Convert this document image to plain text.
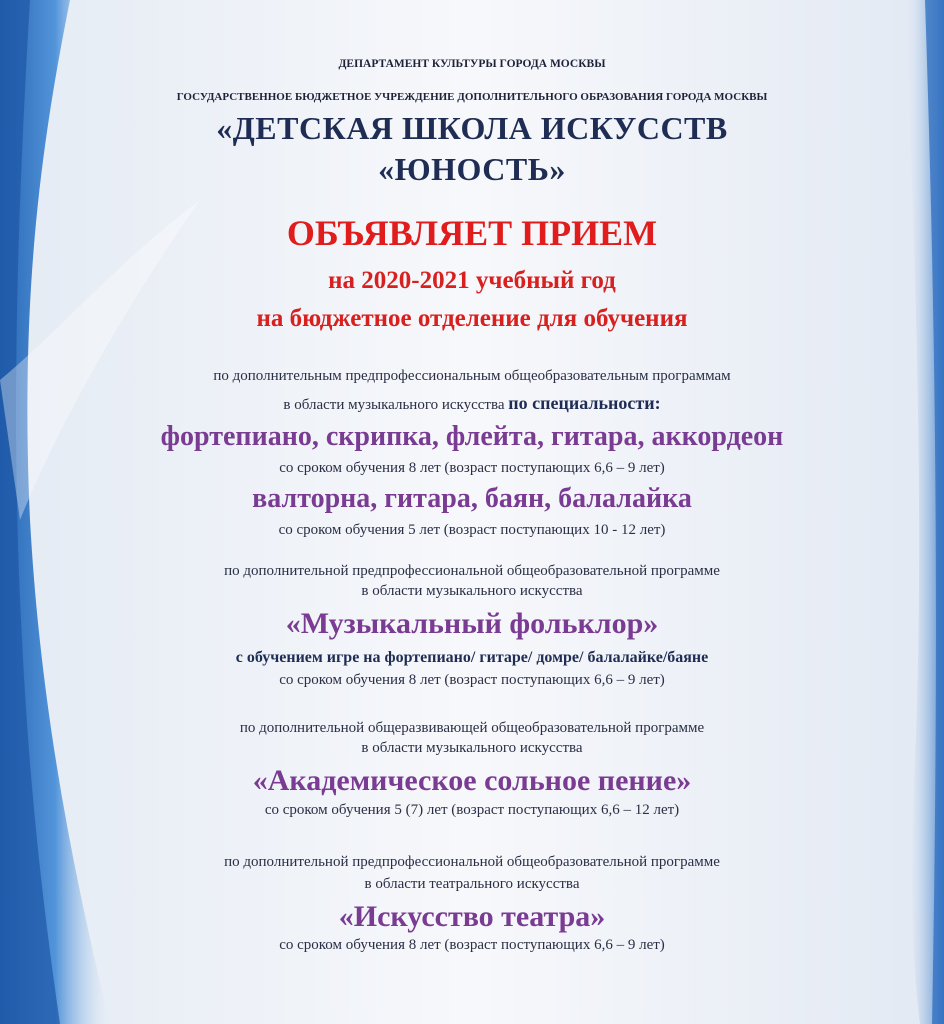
ДЕПАРТАМЕНТ КУЛЬТУРЫ ГОРОДА МОСКВЫ
ГОСУДАРСТВЕННОЕ БЮДЖЕТНОЕ УЧРЕЖДЕНИЕ ДОПОЛНИТЕЛЬНОГО ОБРАЗОВАНИЯ ГОРОДА МОСКВЫ
«ДЕТСКАЯ ШКОЛА ИСКУССТВ
«ЮНОСТЬ»
ОБЪЯВЛЯЕТ ПРИЕМ
на 2020-2021 учебный год
на бюджетное отделение для обучения
по дополнительным предпрофессиональным общеобразовательным программам
в области музыкального искусства по специальности:
фортепиано, скрипка, флейта, гитара, аккордеон
со сроком обучения 8 лет (возраст поступающих 6,6 – 9 лет)
валторна, гитара, баян, балалайка
со сроком обучения 5 лет (возраст поступающих 10 - 12 лет)
по дополнительной предпрофессиональной общеобразовательной программе
в области музыкального искусства
«Музыкальный фольклор»
с обучением игре на фортепиано/ гитаре/ домре/ балалайке/баяне
со сроком обучения 8 лет (возраст поступающих 6,6 – 9 лет)
по дополнительной общеразвивающей общеобразовательной программе
в области музыкального искусства
«Академическое сольное пение»
со сроком обучения 5 (7) лет (возраст поступающих 6,6 – 12 лет)
по дополнительной предпрофессиональной общеобразовательной программе
в области театрального искусства
«Искусство театра»
со сроком обучения 8 лет (возраст поступающих 6,6 – 9 лет)
